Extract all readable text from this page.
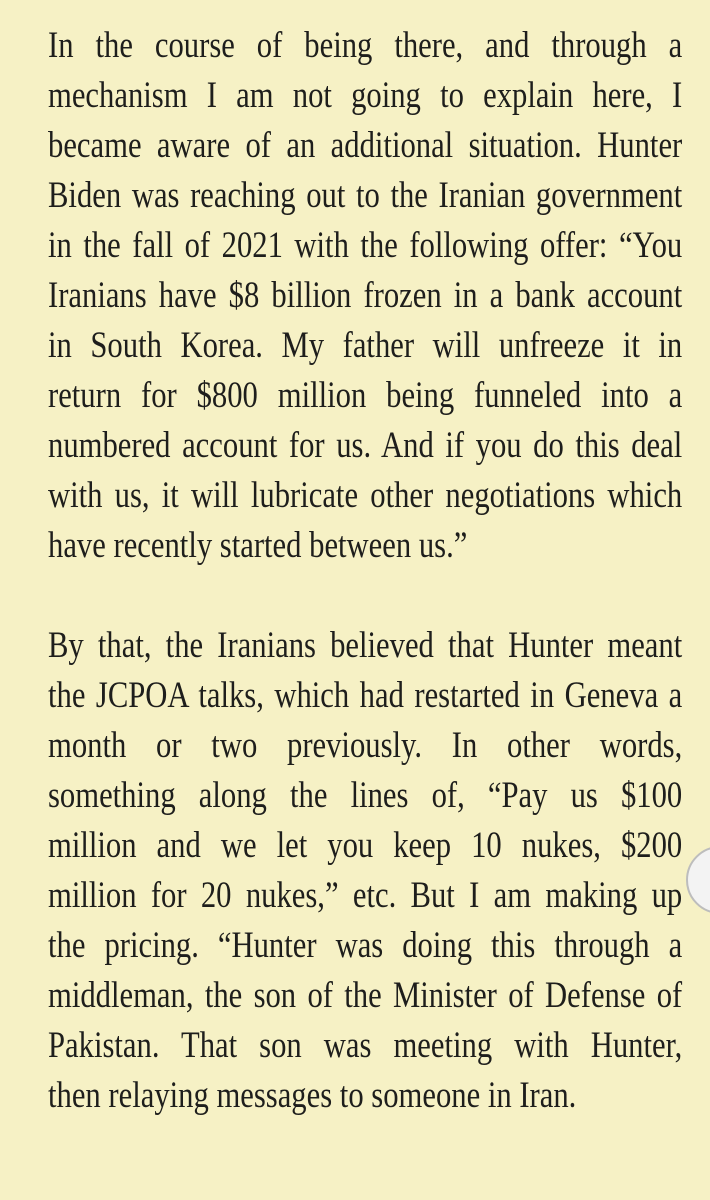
In the course of being there, and through a
mechanism I am not going to explain here, I
became aware of an additional situation. Hunter
Biden was reaching out to the Iranian government
in the fall of 2021 with the following offer: “You
Iranians have $8 billion frozen in a bank account
in South Korea. My father will unfreeze it in
return for $800 million being funneled into a
numbered account for us. And if you do this deal
with us, it will lubricate other negotiations which
have recently started between us.”
By that, the Iranians believed that Hunter meant
the JCPOA talks, which had restarted in Geneva a
month or two previously. In other words,
something along the lines of, “Pay us $100
million and we let you keep 10 nukes, $200
million for 20 nukes,” etc. But I am making up
the pricing. “Hunter was doing this through a
middleman, the son of the Minister of Defense of
Pakistan. That son was meeting with Hunter,
then relaying messages to someone in Iran.
